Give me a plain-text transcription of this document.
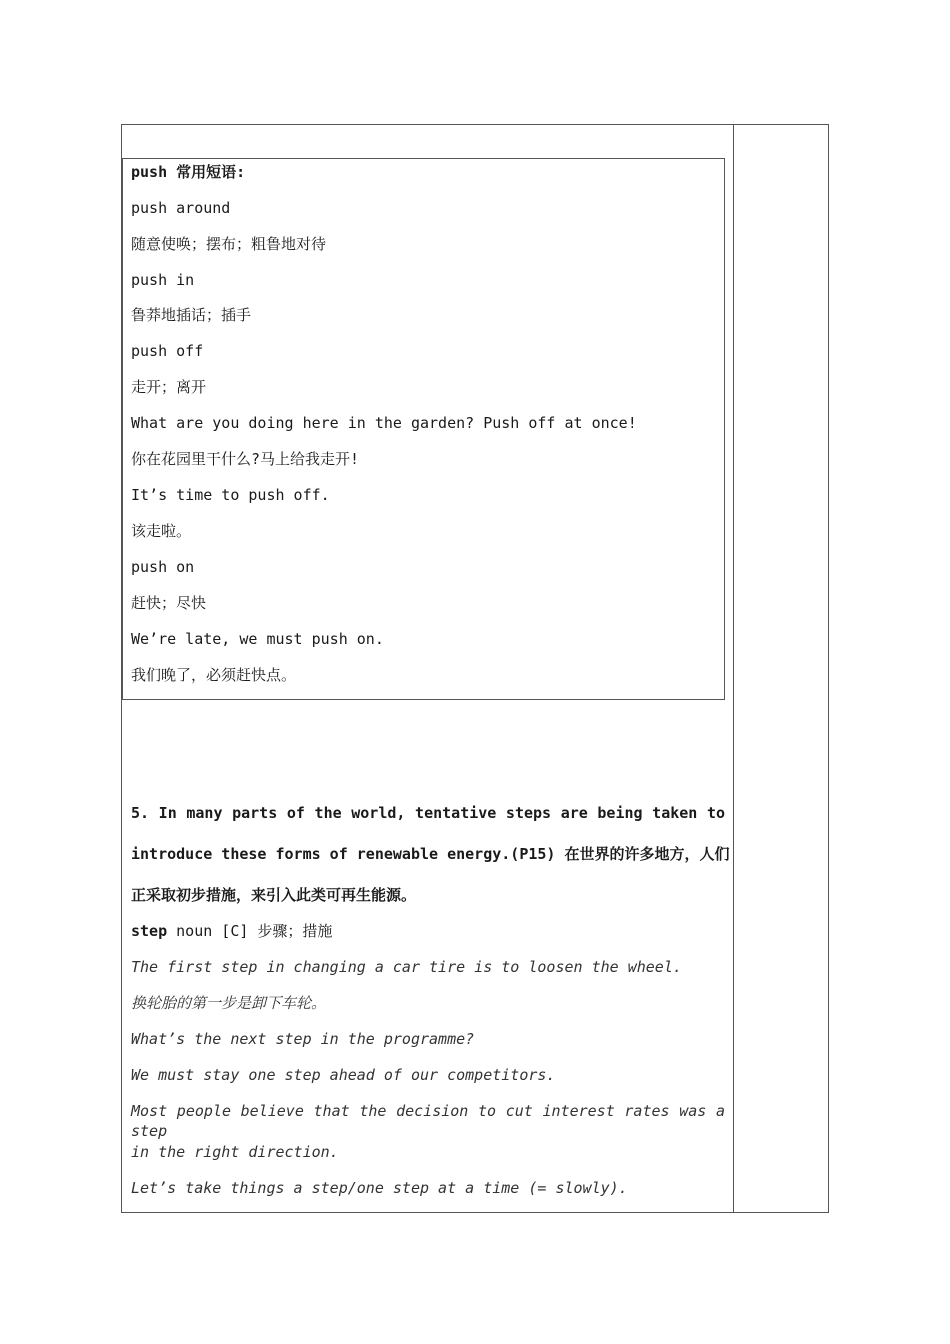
push 常用短语:
push around
随意使唤；摆布；粗鲁地对待
push in
鲁莽地插话；插手
push off
走开；离开
What are you doing here in the garden? Push off at once!
你在花园里干什么?马上给我走开!
It’s time to push off.
该走啦。
push on
赶快；尽快
We’re late, we must push on.
我们晚了，必须赶快点。
5. In many parts of the world, tentative steps are being taken to
introduce these forms of renewable energy.(P15) 在世界的许多地方，人们
正采取初步措施，来引入此类可再生能源。
step noun [C] 步骤；措施
The first step in changing a car tire is to loosen the wheel.
换轮胎的第一步是卸下车轮。
What’s the next step in the programme?
We must stay one step ahead of our competitors.
Most people believe that the decision to cut interest rates was a step
in the right direction.
Let’s take things a step/one step at a time (= slowly).
